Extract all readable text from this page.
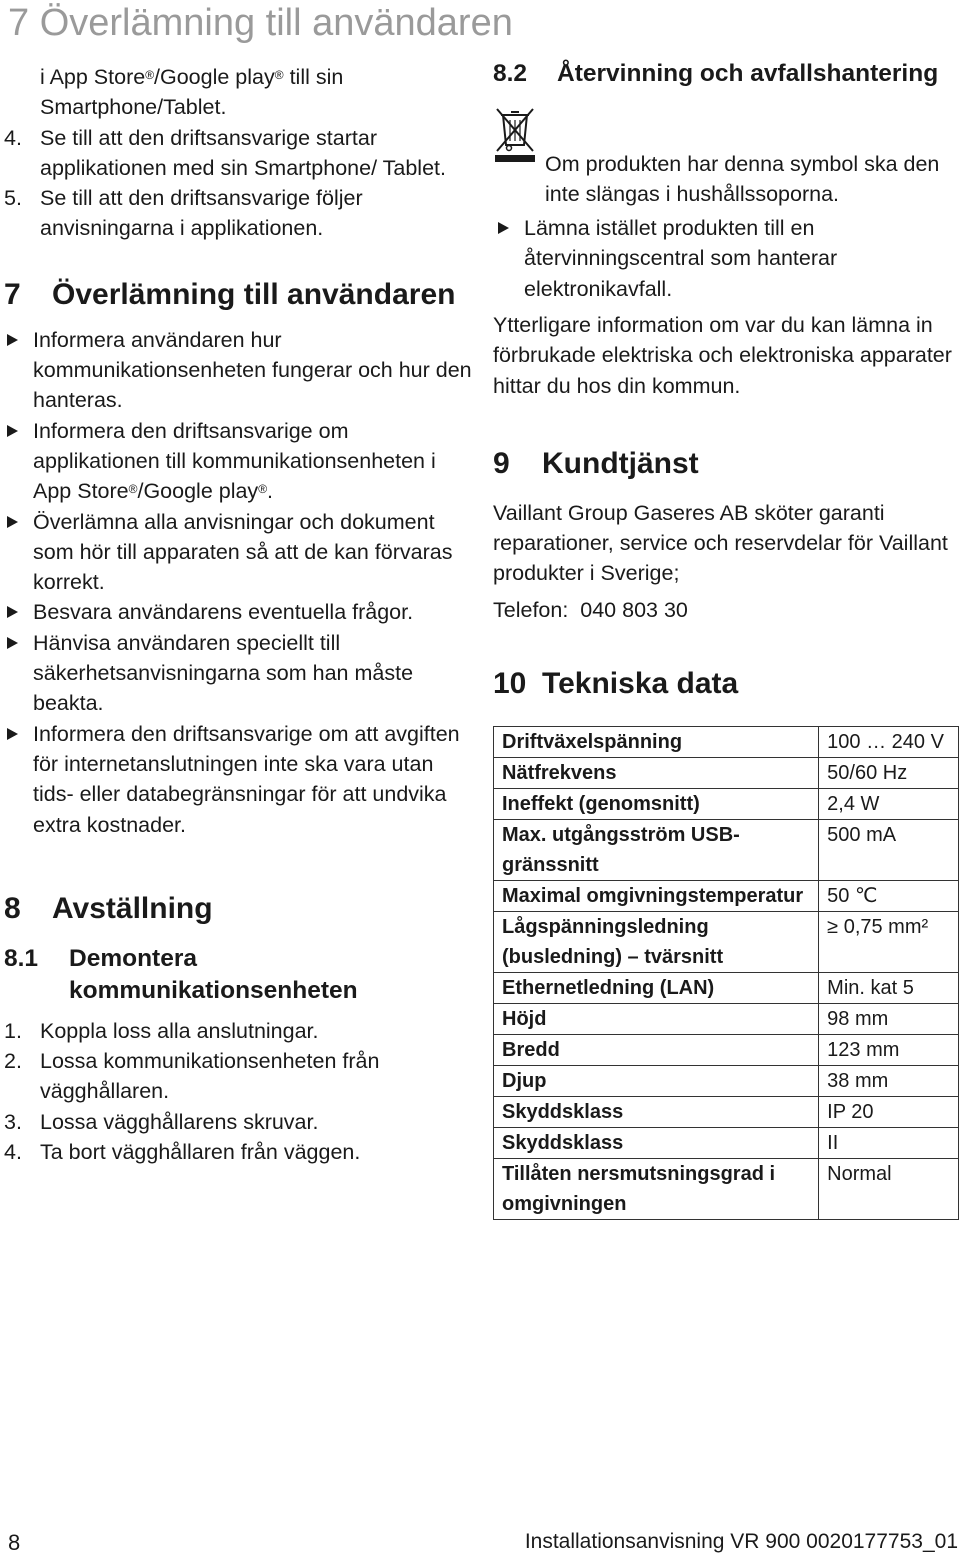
7 Överlämning till användaren

i App Store®/Google play® till sin Smartphone/Tablet.

4. Se till att den driftsansvarige startar applikationen med sin Smartphone/ Tablet.
5. Se till att den driftsansvarige följer anvisningarna i applikationen.
7 Överlämning till användaren
Informera användaren hur kommunikationsenheten fungerar och hur den hanteras.
Informera den driftsansvarige om applikationen till kommunikationsenheten i App Store®/Google play®.
Överlämna alla anvisningar och dokument som hör till apparaten så att de kan förvaras korrekt.
Besvara användarens eventuella frågor.
Hänvisa användaren speciellt till säkerhetsanvisningarna som han måste beakta.
Informera den driftsansvarige om att avgiften för internetanslutningen inte ska vara utan tids- eller databegränsningar för att undvika extra kostnader.
8 Avställning
8.1 Demontera kommunikationsenheten
1. Koppla loss alla anslutningar.
2. Lossa kommunikationsenheten från vägghållaren.
3. Lossa vägghållarens skruvar.
4. Ta bort vägghållaren från väggen.
8.2 Återvinning och avfallshantering

Om produkten har denna symbol ska den inte slängas i hushållssoporna.

Lämna istället produkten till en återvinningscentral som hanterar elektronikavfall.

Ytterligare information om var du kan lämna in förbrukade elektriska och elektroniska apparater hittar du hos din kommun.

9 Kundtjänst

Vaillant Group Gaseres AB sköter garanti reparationer, service och reservdelar för Vaillant produkter i Sverige;

Telefon: 040 803 30

10 Tekniska data
Driftväxelspänning	100 … 240 V
Nätfrekvens	50/60 Hz
Ineffekt (genomsnitt)	2,4 W
Max. utgångsström USB-gränssnitt	500 mA
Maximal omgivningstemperatur	50 ℃
Lågspänningsledning (busledning) – tvärsnitt	≥ 0,75 mm²
Ethernetledning (LAN)	Min. kat 5
Höjd	98 mm
Bredd	123 mm
Djup	38 mm
Skyddsklass	IP 20
Skyddsklass	II
Tillåten nersmutsningsgrad i omgivningen	Normal
8	Installationsanvisning VR 900 0020177753_01
